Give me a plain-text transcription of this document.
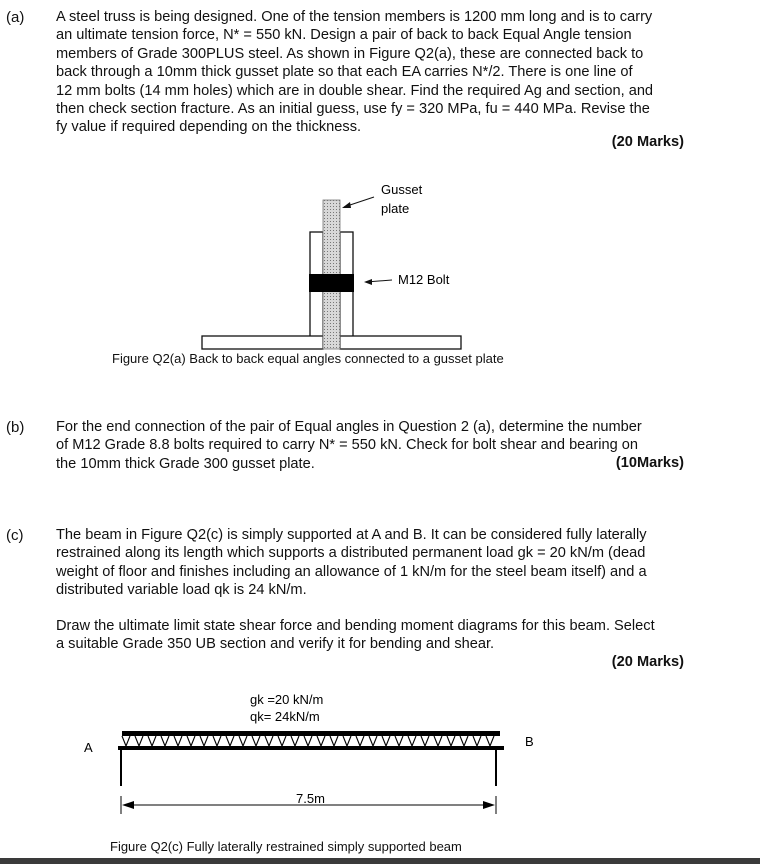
(a) A steel truss is being designed. One of the tension members is 1200 mm long and is to carry
an ultimate tension force, N* = 550 kN. Design a pair of back to back Equal Angle tension
members of Grade 300PLUS steel. As shown in Figure Q2(a), these are connected back to
back through a 10mm thick gusset plate so that each EA carries N*/2. There is one line of
12 mm bolts (14 mm holes) which are in double shear. Find the required Ag and section, and
then check section fracture. As an initial guess, use fy = 320 MPa, fu = 440 MPa. Revise the
fy value if required depending on the thickness.
(20 Marks)
Gusset
plate
M12 Bolt
Figure Q2(a) Back to back equal angles connected to a gusset plate
(b) For the end connection of the pair of Equal angles in Question 2 (a), determine the number
of M12 Grade 8.8 bolts required to carry N* = 550 kN. Check for bolt shear and bearing on
the 10mm thick Grade 300 gusset plate.	(10Marks)
(c) The beam in Figure Q2(c) is simply supported at A and B. It can be considered fully laterally
restrained along its length which supports a distributed permanent load gk = 20 kN/m (dead
weight of floor and finishes including an allowance of 1 kN/m for the steel beam itself) and a
distributed variable load qk is 24 kN/m.
Draw the ultimate limit state shear force and bending moment diagrams for this beam. Select
a suitable Grade 350 UB section and verify it for bending and shear.
(20 Marks)
gk =20 kN/m
qk= 24kN/m
A	B
7.5m
Figure Q2(c) Fully laterally restrained simply supported beam
